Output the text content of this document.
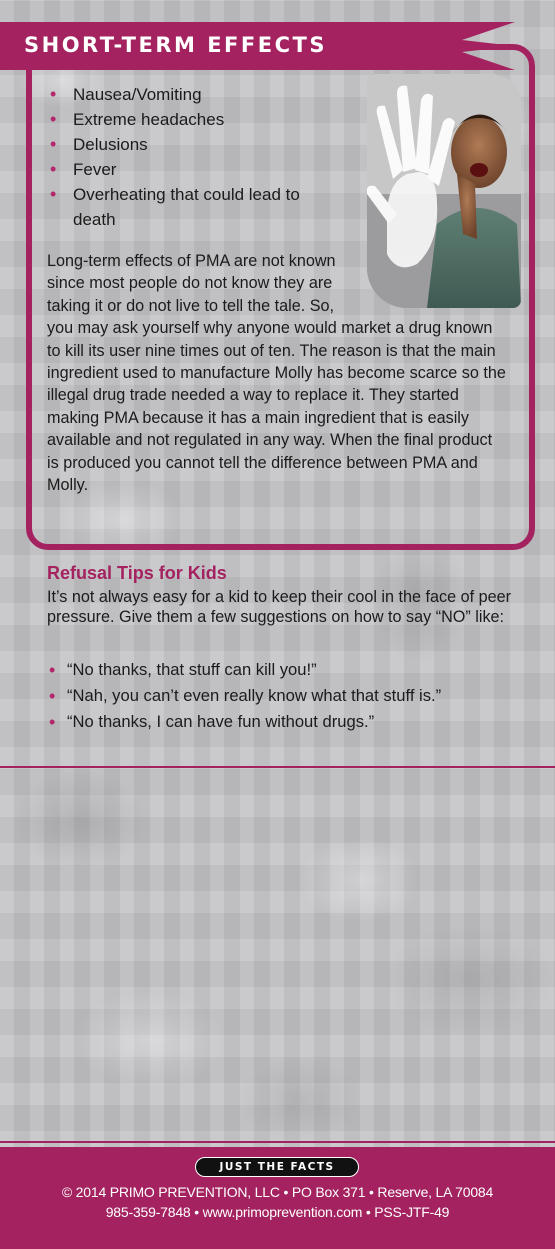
SHORT-TERM EFFECTS
• Nausea/Vomiting
• Extreme headaches
• Delusions
• Fever
• Overheating that could lead to death
Long-term effects of PMA are not known since most people do not know they are taking it or do not live to tell the tale. So, you may ask yourself why anyone would market a drug known to kill its user nine times out of ten. The reason is that the main ingredient used to manufacture Molly has become scarce so the illegal drug trade needed a way to replace it. They started making PMA because it has a main ingredient that is easily available and not regulated in any way. When the final product is produced you cannot tell the difference between PMA and Molly.
Refusal Tips for Kids

It’s not always easy for a kid to keep their cool in the face of peer pressure. Give them a few suggestions on how to say “NO” like:

• “No thanks, that stuff can kill you!”
• “Nah, you can’t even really know what that stuff is.”
• “No thanks, I can have fun without drugs.”
JUST THE FACTS
© 2014 PRIMO PREVENTION, LLC • PO Box 371 • Reserve, LA 70084
985-359-7848 • www.primoprevention.com • PSS-JTF-49
